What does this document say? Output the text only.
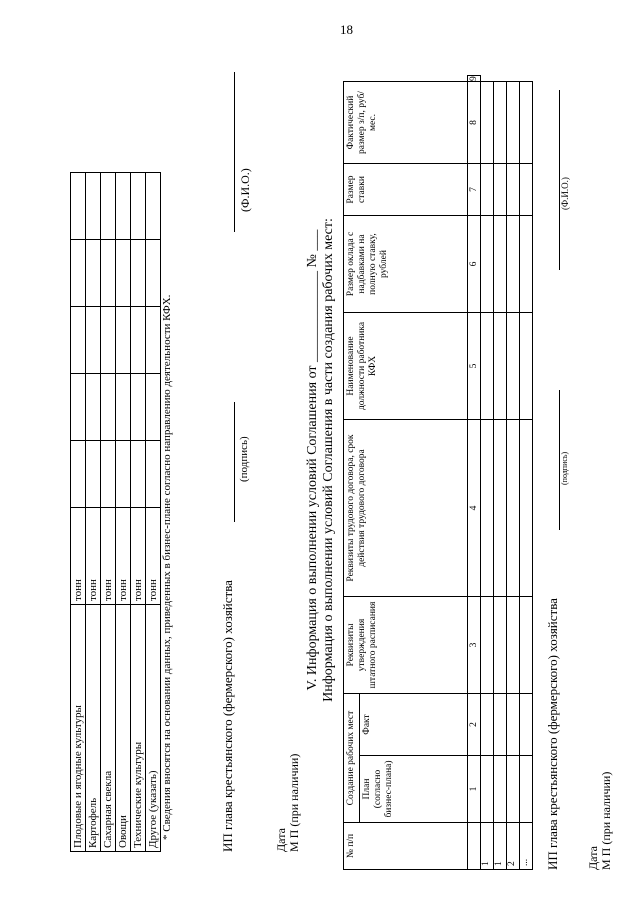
18
Плодовые и ягодные культуры	тонн					
Картофель	тонн					
Сахарная свекла	тонн					
Овощи	тонн					
Технические культуры	тонн					
Другое (указать)	тонн					* Сведения вносятся на основании данных, приведенных в бизнес-плане согласно направлению деятельности КФХ.	ИП глава крестьянского (фермерского) хозяйства
(подпись)
(Ф.И.О.)
Дата М П (при наличии)
V. Информация о выполнении условий Соглашения от _____________ № ___ Информация о выполнении условий Соглашения в части создания рабочих мест:
№ п/п	Создание рабочих мест		Реквизиты утверждения штатного расписания	Реквизиты трудового договора, срок действия трудового договора	Наименование должности работника КФХ	Размер оклада с надбавками на полную ставку, рублей	Размер ставки	Фактический размер з/п, руб/мес.	
	План (согласно бизнес-плана)	Факт							
	1	2	3	4	5	6	7	8	9
1									
1									
2									
...									ИП глава крестьянского (фермерского) хозяйства
(подпись)
(Ф.И.О.)
Дата М П (при наличии)
